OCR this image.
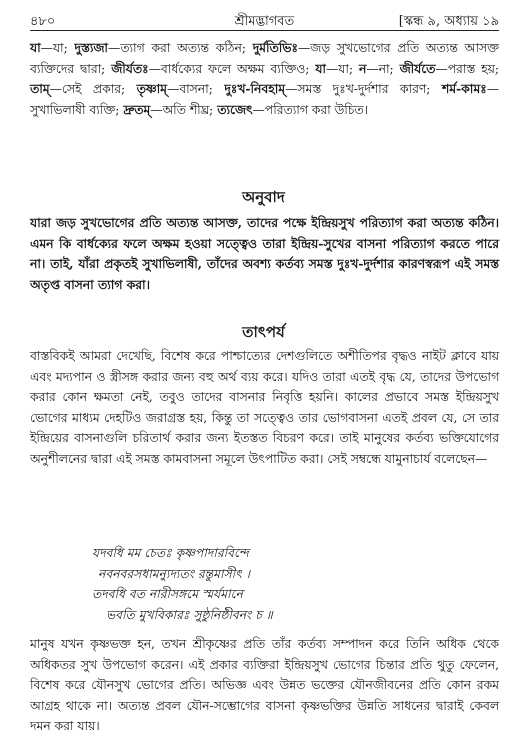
৪৮০	শ্রীমদ্ভাগবত	[স্কন্ধ ৯, অধ্যায় ১৯
যা—যা; দুস্ত্যজা—ত্যাগ করা অত্যন্ত কঠিন; দুর্মতিভিঃ—জড় সুখভোগের প্রতি অত্যন্ত আসক্ত ব্যক্তিদের দ্বারা; জীর্যতঃ—বার্ধক্যের ফলে অক্ষম ব্যক্তিও; যা—যা; ন—না; জীর্যতে—পরাস্ত হয়; তাম্—সেই প্রকার; তৃষ্ণাম্—বাসনা; দুঃখ-নিবহাম্—সমস্ত দুঃখ-দুর্দশার কারণ; শর্ম-কামঃ—সুখাভিলাষী ব্যক্তি; দ্রুতম্—অতি শীঘ্র; ত্যজেৎ—পরিত্যাগ করা উচিত।
অনুবাদ

যারা জড় সুখভোগের প্রতি অত্যন্ত আসক্ত, তাদের পক্ষে ইন্দ্রিয়সুখ পরিত্যাগ করা অত্যন্ত কঠিন। এমন কি বার্ধক্যের ফলে অক্ষম হওয়া সত্ত্বেও তারা ইন্দ্রিয়-সুখের বাসনা পরিত্যাগ করতে পারে না। তাই, যাঁরা প্রকৃতই সুখাভিলাষী, তাঁদের অবশ্য কর্তব্য সমস্ত দুঃখ-দুর্দশার কারণস্বরূপ এই সমস্ত অতৃপ্ত বাসনা ত্যাগ করা।

তাৎপর্য

বাস্তবিকই আমরা দেখেছি, বিশেষ করে পাশ্চাত্যের দেশগুলিতে অশীতিপর বৃদ্ধও নাইট ক্লাবে যায় এবং মদ্যপান ও স্ত্রীসঙ্গ করার জন্য বহু অর্থ ব্যয় করে। যদিও তারা এতই বৃদ্ধ যে, তাদের উপভোগ করার কোন ক্ষমতা নেই, তবুও তাদের বাসনার নিবৃত্তি হয়নি। কালের প্রভাবে সমস্ত ইন্দ্রিয়সুখ ভোগের মাধ্যম দেহটিও জরাগ্রস্ত হয়, কিন্তু তা সত্ত্বেও তার ভোগবাসনা এতই প্রবল যে, সে তার ইন্দ্রিয়ের বাসনাগুলি চরিতার্থ করার জন্য ইতস্তত বিচরণ করে। তাই মানুষের কর্তব্য ভক্তিযোগের অনুশীলনের দ্বারা এই সমস্ত কামবাসনা সমূলে উৎপাটিত করা। সেই সম্বন্ধে যামুনাচার্য বলেছেন—

যদবধি মম চেতঃ কৃষ্ণপাদারবিন্দে
নবনবরসধামন্যুদ্যতং রন্তুমাসীৎ ।
তদবধি বত নারীসঙ্গমে স্মর্যমানে
ভবতি মুখবিকারঃ সুষ্ঠুনিষ্ঠীবনং চ ॥

মানুষ যখন কৃষ্ণভক্ত হন, তখন শ্রীকৃষ্ণের প্রতি তাঁর কর্তব্য সম্পাদন করে তিনি অধিক থেকে অধিকতর সুখ উপভোগ করেন। এই প্রকার ব্যক্তিরা ইন্দ্রিয়সুখ ভোগের চিন্তার প্রতি থুতু ফেলেন, বিশেষ করে যৌনসুখ ভোগের প্রতি। অভিজ্ঞ এবং উন্নত ভক্তের যৌনজীবনের প্রতি কোন রকম আগ্রহ থাকে না। অত্যন্ত প্রবল যৌন-সম্ভোগের বাসনা কৃষ্ণভক্তির উন্নতি সাধনের দ্বারাই কেবল দমন করা যায়।
